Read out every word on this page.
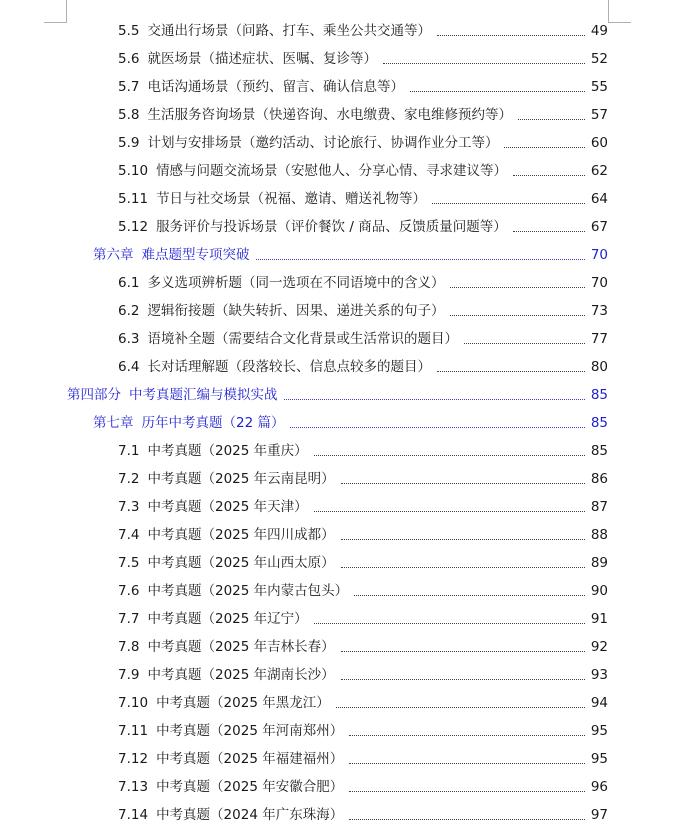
5.5 交通出行场景（问路、打车、乘坐公共交通等）	49
5.6 就医场景（描述症状、医嘱、复诊等）	52
5.7 电话沟通场景（预约、留言、确认信息等）	55
5.8 生活服务咨询场景（快递咨询、水电缴费、家电维修预约等）	57
5.9 计划与安排场景（邀约活动、讨论旅行、协调作业分工等）	60
5.10 情感与问题交流场景（安慰他人、分享心情、寻求建议等）	62
5.11 节日与社交场景（祝福、邀请、赠送礼物等）	64
5.12 服务评价与投诉场景（评价餐饮 / 商品、反馈质量问题等）	67
第六章 难点题型专项突破	70
6.1 多义选项辨析题（同一选项在不同语境中的含义）	70
6.2 逻辑衔接题（缺失转折、因果、递进关系的句子）	73
6.3 语境补全题（需要结合文化背景或生活常识的题目）	77
6.4 长对话理解题（段落较长、信息点较多的题目）	80
第四部分 中考真题汇编与模拟实战	85
第七章 历年中考真题（22 篇）	85
7.1 中考真题（2025 年重庆）	85
7.2 中考真题（2025 年云南昆明）	86
7.3 中考真题（2025 年天津）	87
7.4 中考真题（2025 年四川成都）	88
7.5 中考真题（2025 年山西太原）	89
7.6 中考真题（2025 年内蒙古包头）	90
7.7 中考真题（2025 年辽宁）	91
7.8 中考真题（2025 年吉林长春）	92
7.9 中考真题（2025 年湖南长沙）	93
7.10 中考真题（2025 年黑龙江）	94
7.11 中考真题（2025 年河南郑州）	95
7.12 中考真题（2025 年福建福州）	95
7.13 中考真题（2025 年安徽合肥）	96
7.14 中考真题（2024 年广东珠海）	97
